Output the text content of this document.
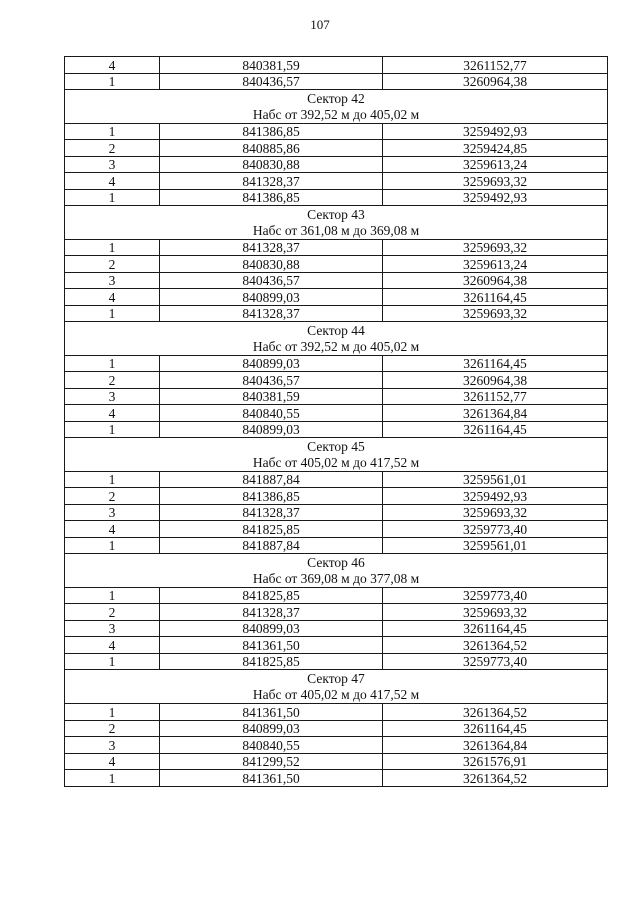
107
4	840381,59	3261152,77
1	840436,57	3260964,38

Сектор 42
Набс от 392,52 м до 405,02 м		

1	841386,85	3259492,93
2	840885,86	3259424,85
3	840830,88	3259613,24
4	841328,37	3259693,32
1	841386,85	3259492,93

Сектор 43
Набс от 361,08 м до 369,08 м		

1	841328,37	3259693,32
2	840830,88	3259613,24
3	840436,57	3260964,38
4	840899,03	3261164,45
1	841328,37	3259693,32

Сектор 44
Набс от 392,52 м до 405,02 м		

1	840899,03	3261164,45
2	840436,57	3260964,38
3	840381,59	3261152,77
4	840840,55	3261364,84
1	840899,03	3261164,45

Сектор 45
Набс от 405,02 м до 417,52 м		

1	841887,84	3259561,01
2	841386,85	3259492,93
3	841328,37	3259693,32
4	841825,85	3259773,40
1	841887,84	3259561,01

Сектор 46
Набс от 369,08 м до 377,08 м		

1	841825,85	3259773,40
2	841328,37	3259693,32
3	840899,03	3261164,45
4	841361,50	3261364,52
1	841825,85	3259773,40

Сектор 47
Набс от 405,02 м до 417,52 м		

1	841361,50	3261364,52
2	840899,03	3261164,45
3	840840,55	3261364,84
4	841299,52	3261576,91
1	841361,50	3261364,52
